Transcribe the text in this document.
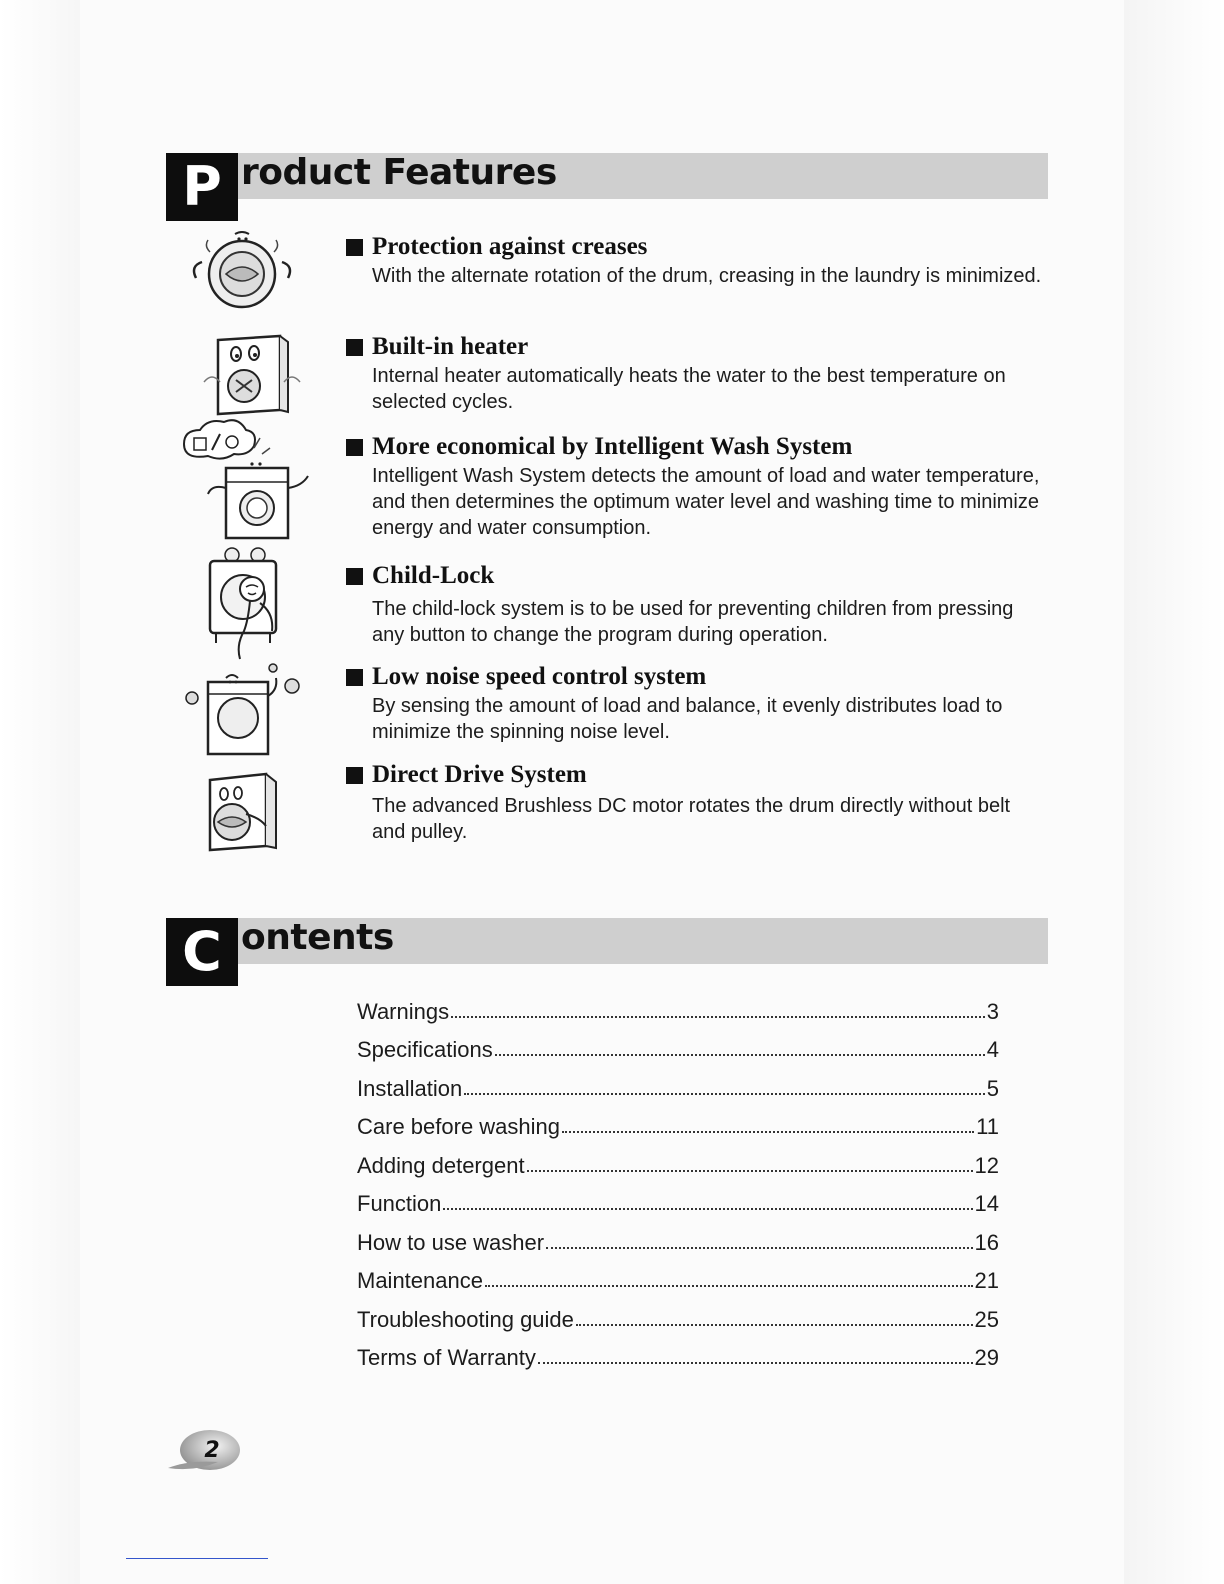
P roduct Features
Protection against creases
With the alternate rotation of the drum, creasing in the laundry is minimized.
Built-in heater
Internal heater automatically heats the water to the best temperature on selected cycles.
More economical by Intelligent Wash System
Intelligent Wash System detects the amount of load and water temperature, and then determines the optimum water level and washing time to minimize energy and water consumption.
Child-Lock
The child-lock system is to be used for preventing children from pressing any button to change the program during operation.
Low noise speed control system
By sensing the amount of load and balance, it evenly distributes load to minimize the spinning noise level.
Direct Drive System
The advanced Brushless DC motor rotates the drum directly without belt and pulley.
C ontents
Warnings	3
Specifications	4
Installation	5
Care before washing	11
Adding detergent	12
Function	14
How to use washer	16
Maintenance	21
Troubleshooting guide	25
Terms of Warranty	29
2
